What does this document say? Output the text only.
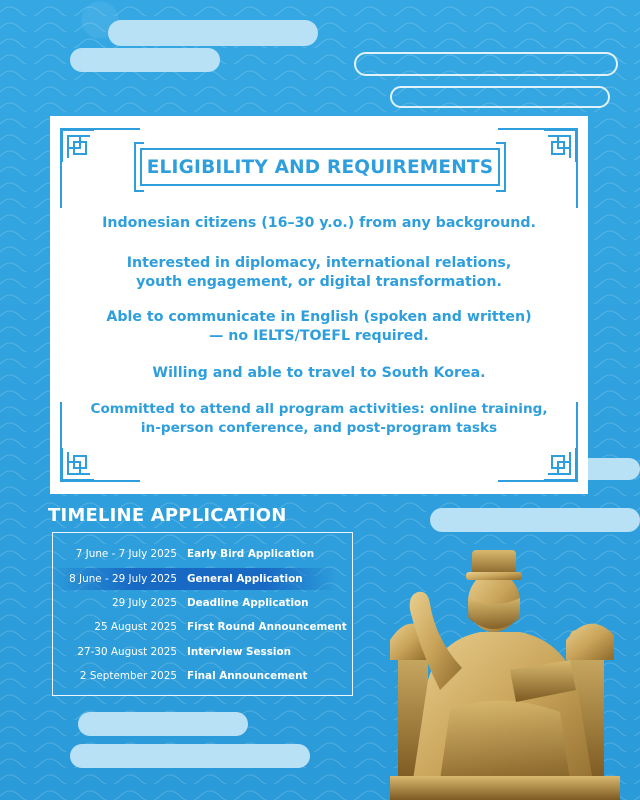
ELIGIBILITY AND REQUIREMENTS
Indonesian citizens (16–30 y.o.) from any background.
Interested in diplomacy, international relations,
youth engagement, or digital transformation.
Able to communicate in English (spoken and written)
— no IELTS/TOEFL required.
Willing and able to travel to South Korea.
Committed to attend all program activities: online training,
in-person conference, and post-program tasks
TIMELINE APPLICATION
7 June - 7 July 2025 Early Bird Application
8 June - 29 July 2025 General Application
29 July 2025 Deadline Application
25 August 2025 First Round Announcement
27-30 August 2025 Interview Session
2 September 2025 Final Announcement
